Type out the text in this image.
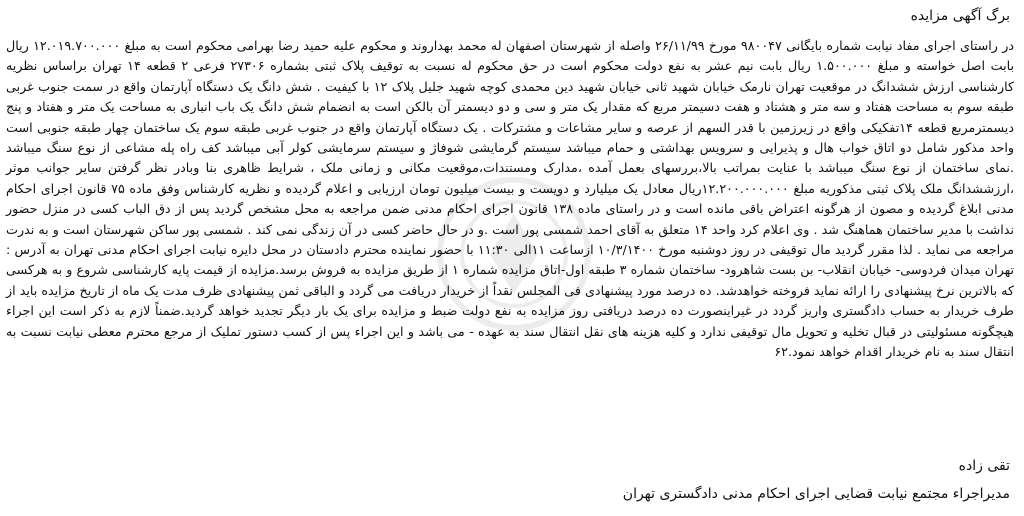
برگ آگهی مزایده
در راستای اجرای مفاد نیابت شماره بایگانی ۹۸۰۰۴۷ مورخ ۲۶/۱۱/۹۹ واصله از شهرستان اصفهان له محمد بهداروند و محکوم علیه حمید رضا بهرامی محکوم است به مبلغ ۱۲.۰۱۹.۷۰۰.۰۰۰ ریال بابت اصل خواسته و مبلغ ۱.۵۰۰.۰۰۰ ریال بابت نیم عشر به نفع دولت محکوم است در حق محکوم له نسبت به توقیف پلاک ثبتی بشماره ۲۷۳۰۶ فرعی ۲ قطعه ۱۴ تهران براساس نظریه کارشناسی ارزش ششدانگ در موقعیت تهران نارمک خیابان شهید ثانی خیابان شهید دین محمدی کوچه شهید جلیل پلاک ۱۲ با کیفیت . شش دانگ یک دستگاه آپارتمان واقع در سمت جنوب غربی طبقه سوم به مساحت هفتاد و سه متر و هشتاد و هفت دسیمتر مربع که مقدار یک متر و سی و دو دیسمتر آن بالکن است به انضمام شش دانگ یک باب انباری به مساحت یک متر و هفتاد و پنج دیسمترمربع قطعه ۱۴تفکیکی واقع در زیرزمین با قدر السهم از عرصه و سایر مشاعات و مشترکات . یک دستگاه آپارتمان واقع در جنوب غربی طبقه سوم یک ساختمان چهار طبقه جنوبی است واحد مذکور شامل دو اتاق خواب هال و پذیرایی و سرویس بهداشتی و حمام میباشد سیستم گرمایشی شوفاژ و سیستم سرمایشی کولر آبی میباشد کف راه پله مشاعی از نوع سنگ میباشد .نمای ساختمان از نوع سنگ میباشد با عنایت بمراتب بالا،بررسهای بعمل آمده ،مدارک ومستندات،موقعیت مکانی و زمانی ملک ، شرایط ظاهری بنا وبادر نظر گرفتن سایر جوانب موثر ،ارزششدانگ ملک پلاک ثبتی مذکوریه مبلغ ۱۲.۲۰۰.۰۰۰.۰۰۰ریال معادل یک میلیارد و دویست و بیست میلیون تومان ارزیابی و اعلام گردیده و نظریه کارشناس وفق ماده ۷۵ قانون اجرای احکام مدنی ابلاغ گردیده و مصون از هرگونه اعتراض باقی مانده است و در راستای ماده ۱۳۸ قانون اجرای احکام مدنی ضمن مراجعه به محل مشخص گردید پس از دق الباب کسی در منزل حضور نداشت با مدیر ساختمان هماهنگ شد . وی اعلام کرد واحد ۱۴ متعلق به آقای احمد شمسی پور است .و در حال حاضر کسی در آن زندگی نمی کند . شمسی پور ساکن شهرستان است و به ندرت مراجعه می نماید . لذا مقرر گردید مال توقیفی در روز دوشنبه مورخ ۱۰/۳/۱۴۰۰ ازساعت ۱۱الی ۱۱:۳۰ با حضور نماینده محترم دادستان در محل دایره نیابت اجرای احکام مدنی تهران به آدرس : تهران میدان فردوسی- خیابان انقلاب- بن بست شاهرود- ساختمان شماره ۳ طبقه اول-اتاق مزایده شماره ۱ از طریق مزایده به فروش برسد.مزایده از قیمت پایه کارشناسی شروع و به هرکسی که بالاترین نرخ پیشنهادی را ارائه نماید فروخته خواهدشد. ده درصد مورد پیشنهادی فی المجلس نقداً از خریدار دریافت می گردد و الباقی ثمن پیشنهادی ظرف مدت یک ماه از تاریخ مزایده باید از طرف خریدار به حساب دادگستری واریز گردد در غیراینصورت ده درصد دریافتی روز مزایده به نفع دولت ضبط و مزایده برای یک بار دیگر تجدید خواهد گردید.ضمناً لازم به ذکر است این اجراء هیچگونه مسئولیتی در قبال تخلیه و تحویل مال توقیفی ندارد و کلیه هزینه های نقل انتقال سند به عهده - می باشد و این اجراء پس از کسب دستور تملیک از مرجع محترم معطی نیابت نسبت به انتقال سند به نام خریدار اقدام خواهد نمود.۶۲
تقی زاده
مدیراجراء مجتمع نیابت قضایی اجرای احکام مدنی دادگستری تهران
